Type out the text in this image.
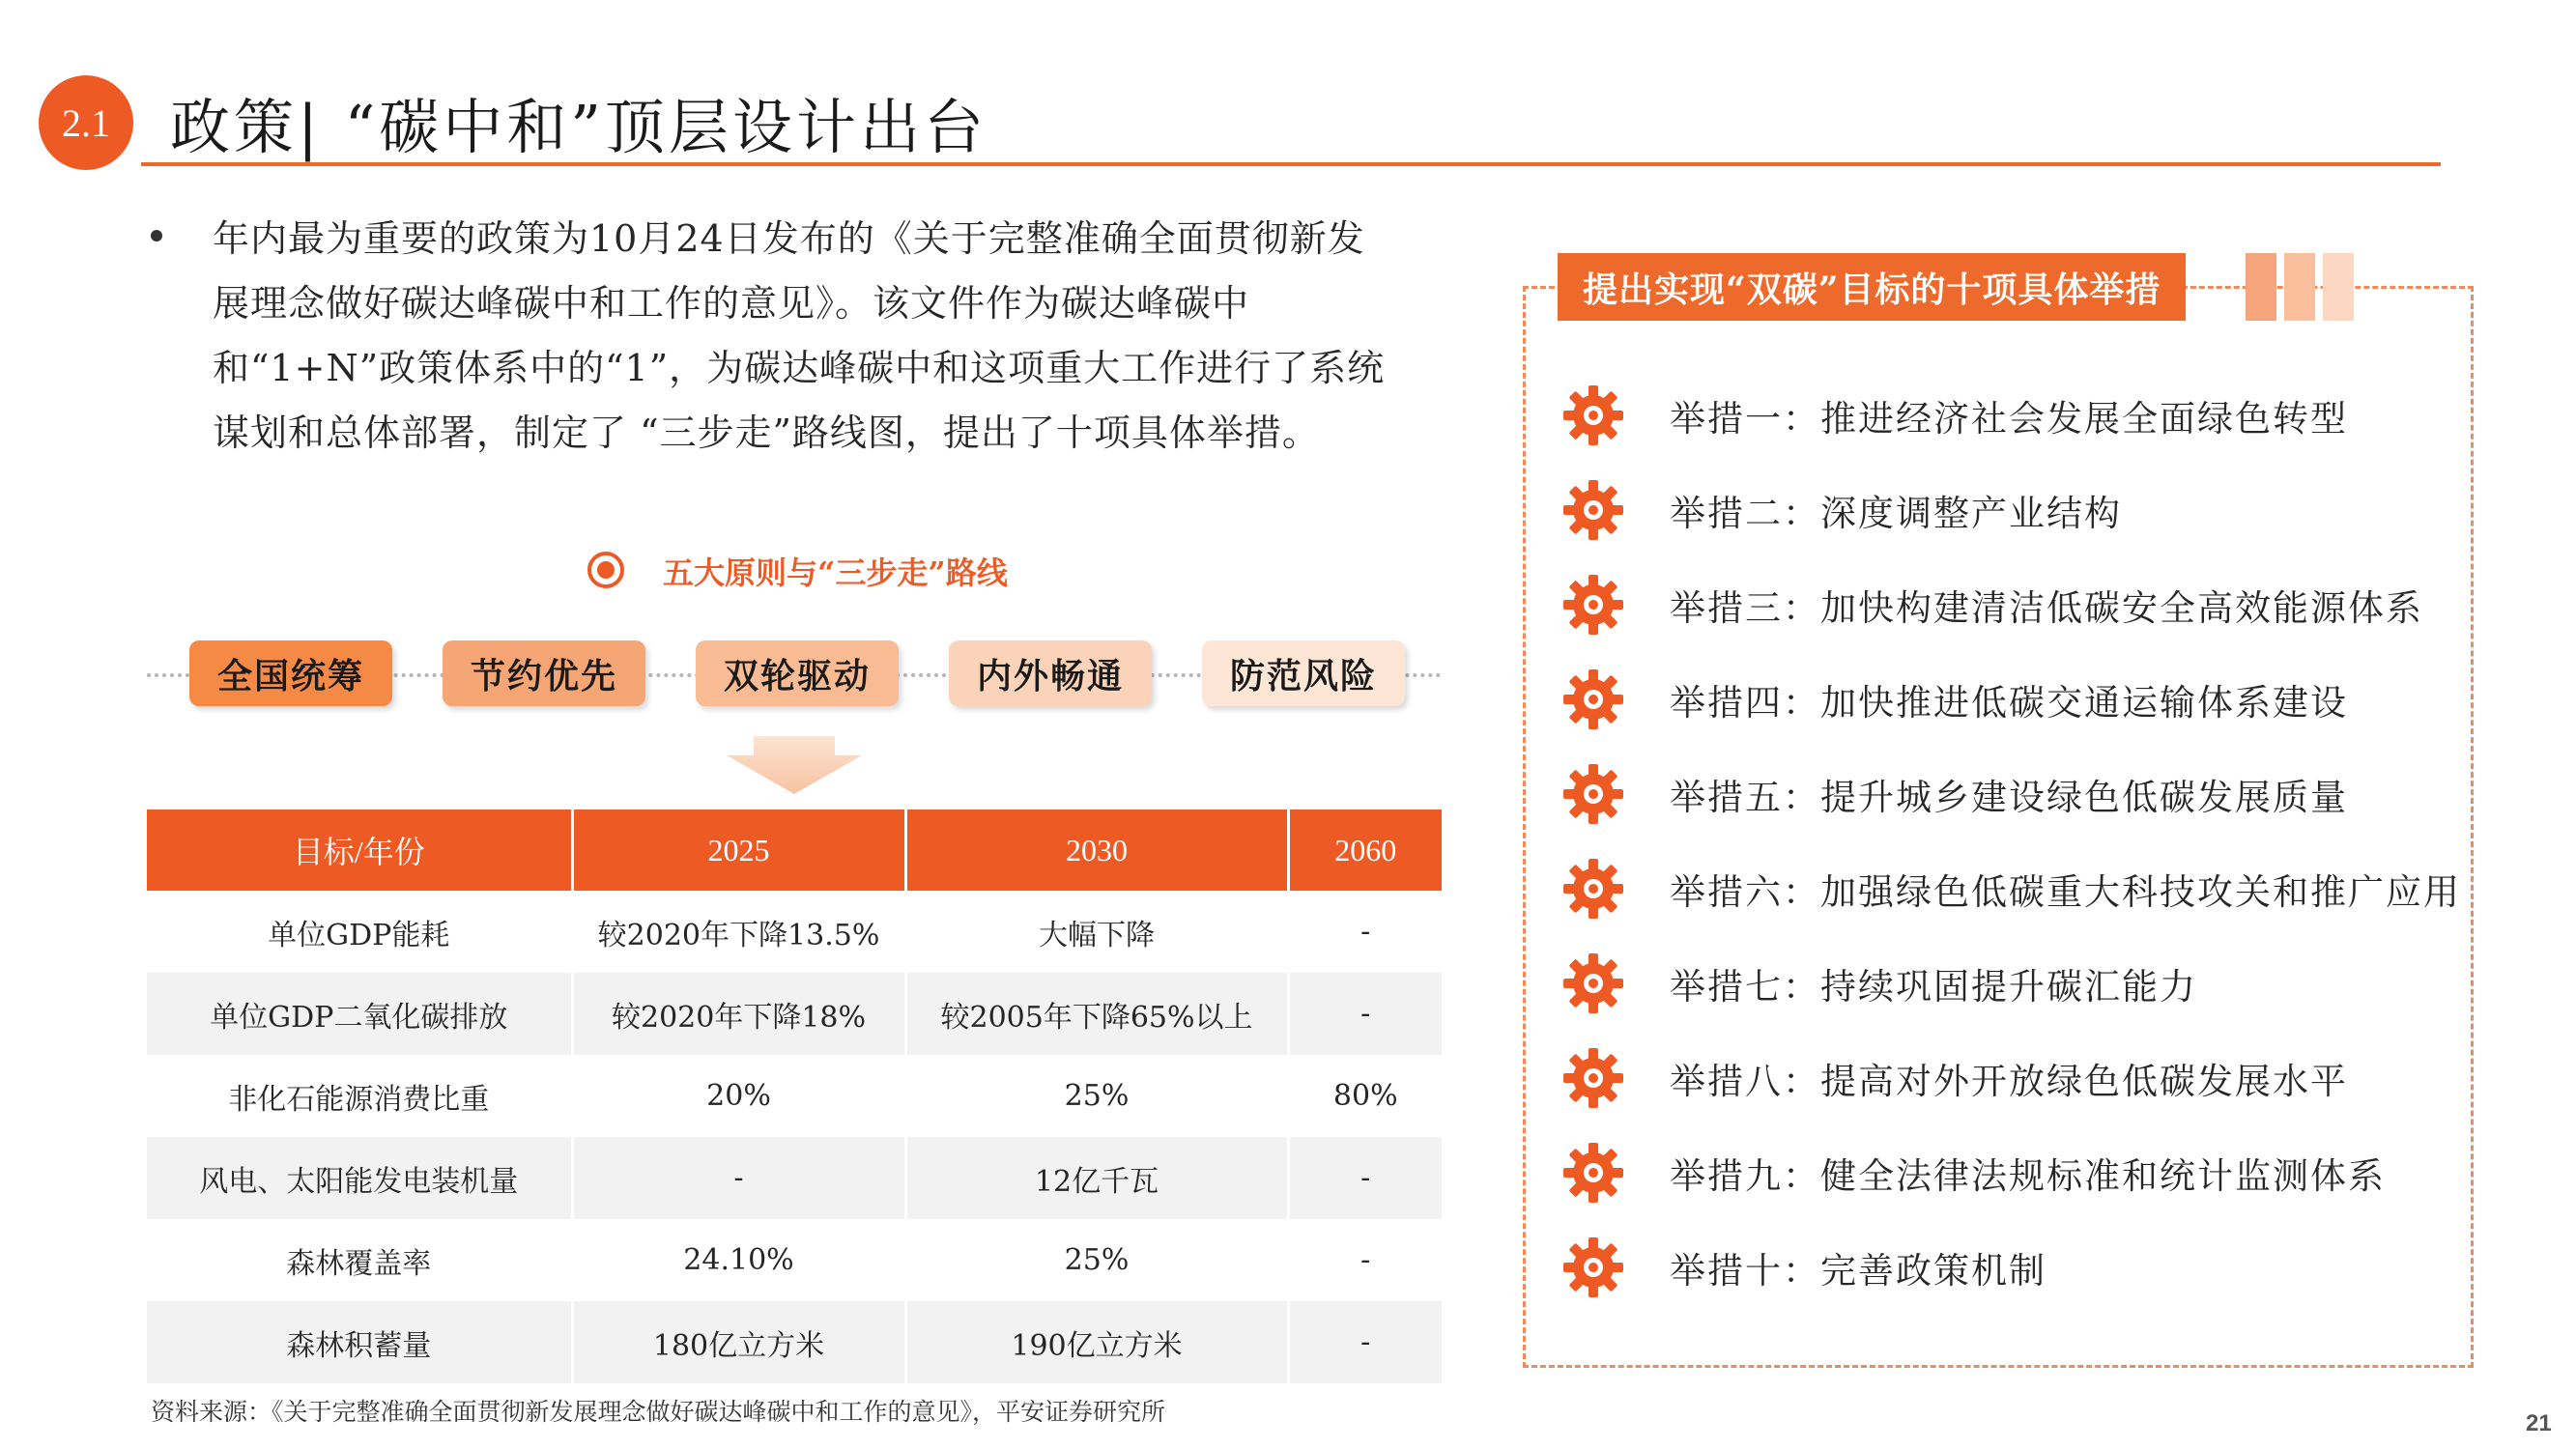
2.1 政策| “碳中和”顶层设计出台
年内最为重要的政策为10月24日发布的《关于完整准确全面贯彻新发展理念做好碳达峰碳中和工作的意见》。该文件作为碳达峰碳中和“1+N”政策体系中的“1”，为碳达峰碳中和这项重大工作进行了系统谋划和总体部署，制定了 “三步走”路线图，提出了十项具体举措。
五大原则与“三步走”路线
全国统筹	节约优先	双轮驱动	内外畅通	防范风险
目标/年份	2025	2030	2060
单位GDP能耗	较2020年下降13.5%	大幅下降	-
单位GDP二氧化碳排放	较2020年下降18%	较2005年下降65%以上	-
非化石能源消费比重	20%	25%	80%
风电、太阳能发电装机量	-	12亿千瓦	-
森林覆盖率	24.10%	25%	-
森林积蓄量	180亿立方米	190亿立方米	-
资料来源：《关于完整准确全面贯彻新发展理念做好碳达峰碳中和工作的意见》，平安证券研究所
提出实现“双碳”目标的十项具体举措
举措一：推进经济社会发展全面绿色转型
举措二：深度调整产业结构
举措三：加快构建清洁低碳安全高效能源体系
举措四：加快推进低碳交通运输体系建设
举措五：提升城乡建设绿色低碳发展质量
举措六：加强绿色低碳重大科技攻关和推广应用
举措七：持续巩固提升碳汇能力
举措八：提高对外开放绿色低碳发展水平
举措九：健全法律法规标准和统计监测体系
举措十：完善政策机制
21
